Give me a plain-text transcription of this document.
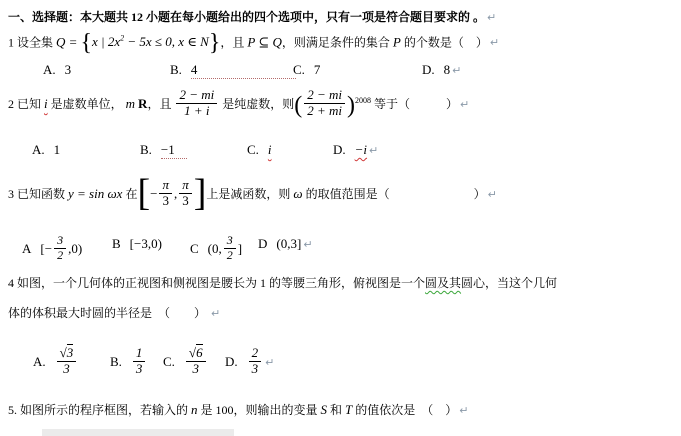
一、选择题：本大题共 12 小题在每小题给出的四个选项中，只有一项是符合题目要求的 。 ↵
1 设全集 Q = {x | $2x^2 - 5x \le 0$, x ∈ N}，且 P ⊆ Q，则满足条件的集合 P 的个数是（　） ↵
A. 3	B. 4	C. 7	D. 8 ↵
2 已知 i 是虚数单位， m R，且 $\frac{2 - mi}{1 + i}$ 是纯虚数，则( $\frac{2 - mi}{2 + mi} )^{2008}$ 等于（　　　） ↵
A. 1	B. −1	C. i	D. −i ↵
3 已知函数 y = sin ωx 在[− $\frac{\pi}{3}$ , $\frac{\pi}{3}$ ]上是减函数，则 ω 的取值范围是（　　　　　　　） ↵
A [− $\frac{3}{2} ,0$) B [−3,0) C (0, $\frac{3}{2}$ ] D (0,3] ↵
4 如图，一个几何体的正视图和侧视图是腰长为 1 的等腰三角形，俯视图是一个圆及其圆心，当这个几何
体的体积最大时圆的半径是　（　　） ↵
A. $\frac{√3}{3}$	B. $\frac{1}{3} C$. $\frac{√6}{3} D$. $\frac{2}{3}$ ↵
5. 如图所示的程序框图，若输入的 n 是 100，则输出的变量 S 和 T 的值依次是　（　） ↵
